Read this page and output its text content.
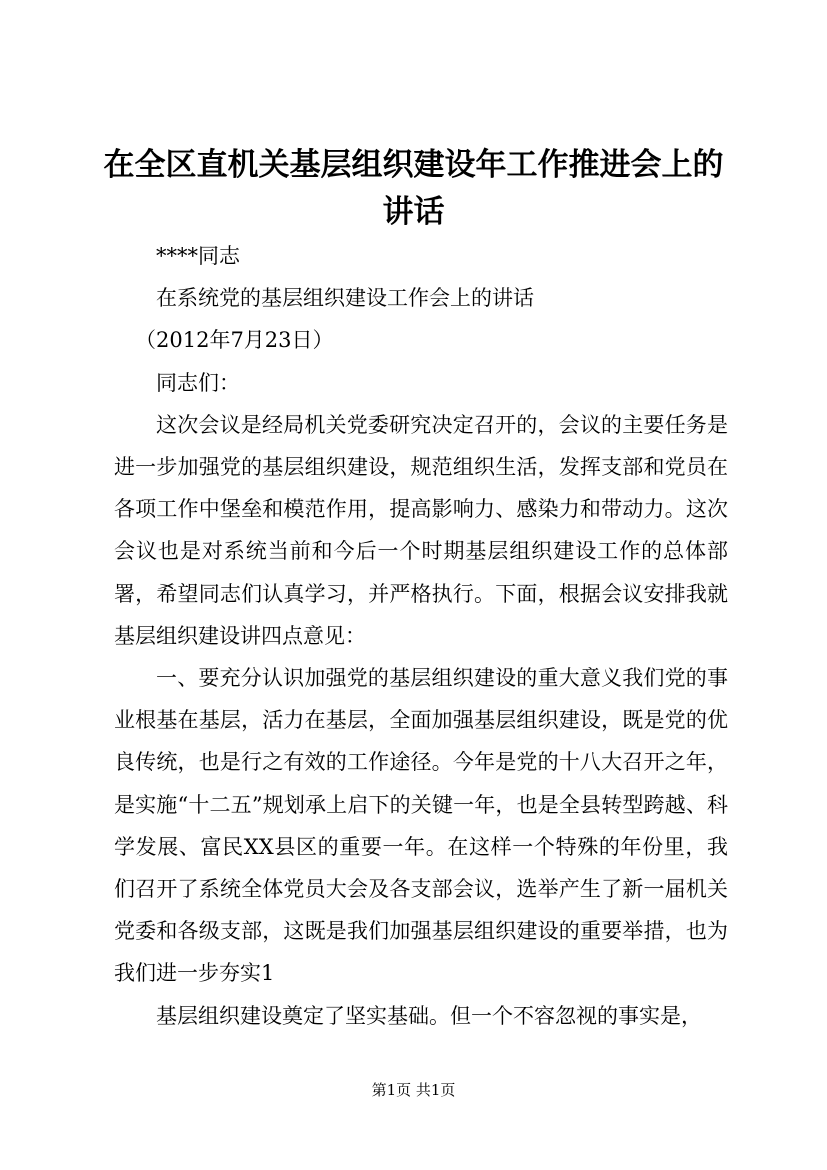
在全区直机关基层组织建设年工作推进会上的讲话

****同志

在系统党的基层组织建设工作会上的讲话

（2012年7月23日）

同志们：

这次会议是经局机关党委研究决定召开的，会议的主要任务是进一步加强党的基层组织建设，规范组织生活，发挥支部和党员在各项工作中堡垒和模范作用，提高影响力、感染力和带动力。这次会议也是对系统当前和今后一个时期基层组织建设工作的总体部署，希望同志们认真学习，并严格执行。下面，根据会议安排我就基层组织建设讲四点意见：

一、要充分认识加强党的基层组织建设的重大意义我们党的事业根基在基层，活力在基层，全面加强基层组织建设，既是党的优良传统，也是行之有效的工作途径。今年是党的十八大召开之年，是实施“十二五”规划承上启下的关键一年，也是全县转型跨越、科学发展、富民XX县区的重要一年。在这样一个特殊的年份里，我们召开了系统全体党员大会及各支部会议，选举产生了新一届机关党委和各级支部，这既是我们加强基层组织建设的重要举措，也为我们进一步夯实1

基层组织建设奠定了坚实基础。但一个不容忽视的事实是，

第1页 共1页
